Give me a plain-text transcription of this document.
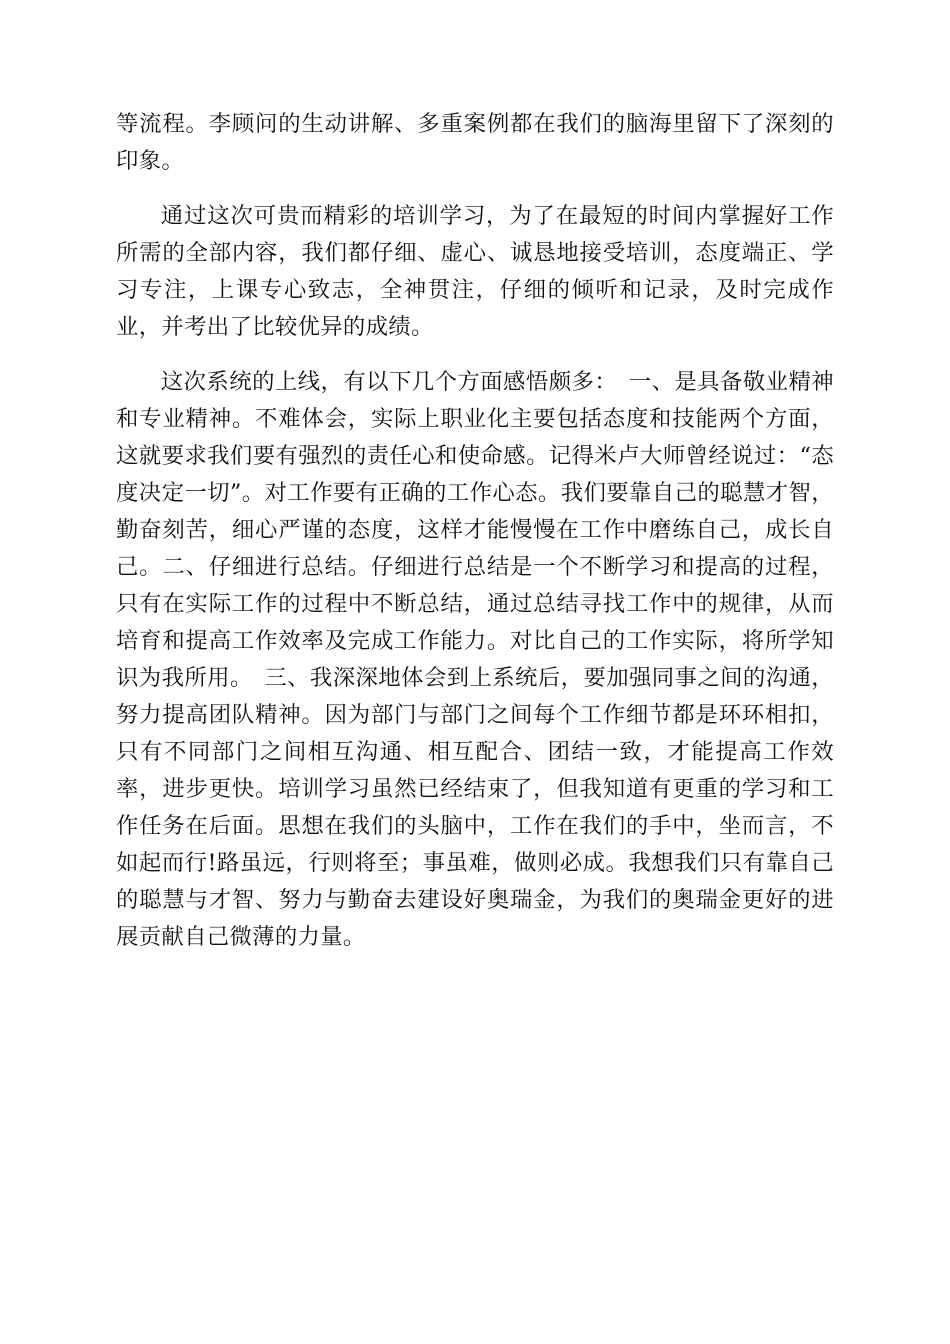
等流程。李顾问的生动讲解、多重案例都在我们的脑海里留下了深刻的印象。

通过这次可贵而精彩的培训学习，为了在最短的时间内掌握好工作所需的全部内容，我们都仔细、虚心、诚恳地接受培训，态度端正、学习专注，上课专心致志，全神贯注，仔细的倾听和记录，及时完成作业，并考出了比较优异的成绩。

这次系统的上线，有以下几个方面感悟颇多：　一、是具备敬业精神和专业精神。不难体会，实际上职业化主要包括态度和技能两个方面，这就要求我们要有强烈的责任心和使命感。记得米卢大师曾经说过：“态度决定一切”。对工作要有正确的工作心态。我们要靠自己的聪慧才智，勤奋刻苦，细心严谨的态度，这样才能慢慢在工作中磨练自己，成长自己。二、仔细进行总结。仔细进行总结是一个不断学习和提高的过程，只有在实际工作的过程中不断总结，通过总结寻找工作中的规律，从而培育和提高工作效率及完成工作能力。对比自己的工作实际，将所学知识为我所用。　三、我深深地体会到上系统后，要加强同事之间的沟通，努力提高团队精神。因为部门与部门之间每个工作细节都是环环相扣，只有不同部门之间相互沟通、相互配合、团结一致，才能提高工作效率，进步更快。培训学习虽然已经结束了，但我知道有更重的学习和工作任务在后面。思想在我们的头脑中，工作在我们的手中，坐而言，不如起而行!路虽远，行则将至；事虽难，做则必成。我想我们只有靠自己的聪慧与才智、努力与勤奋去建设好奥瑞金，为我们的奥瑞金更好的进展贡献自己微薄的力量。
